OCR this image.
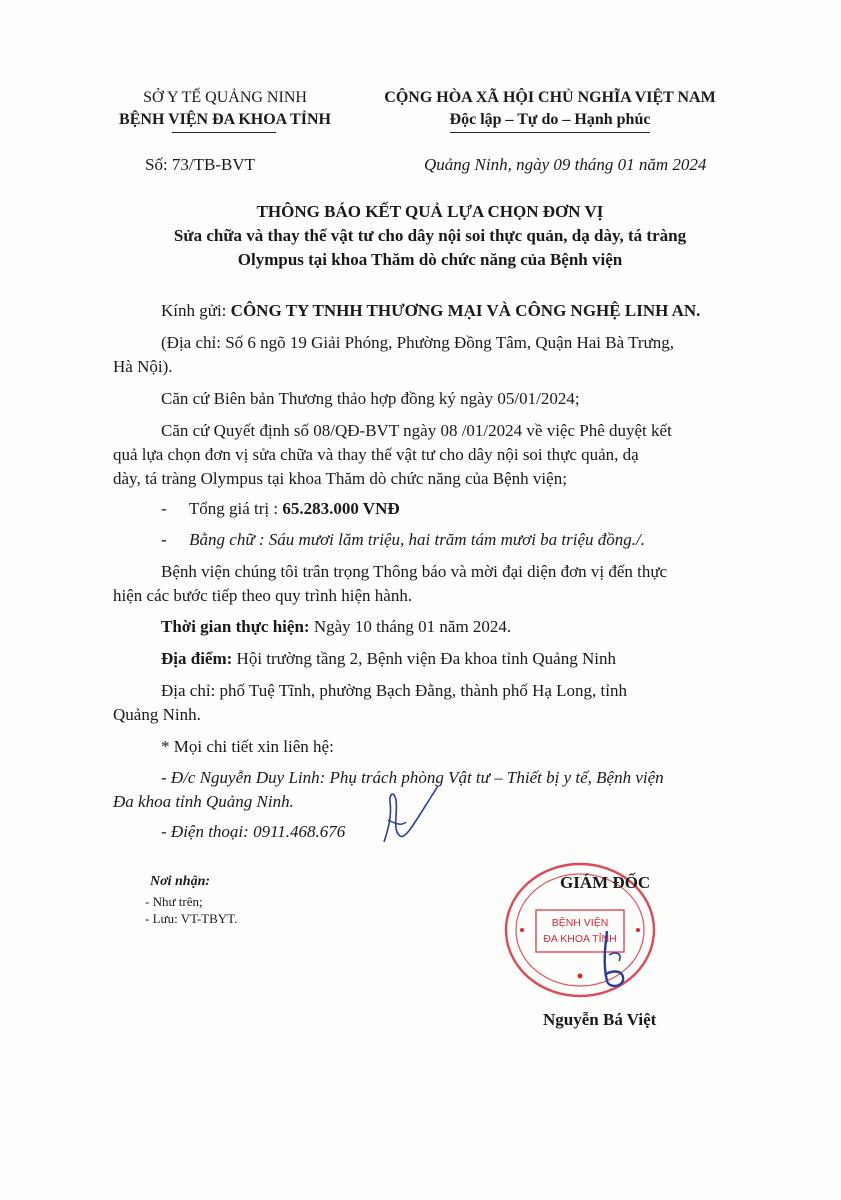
SỞ Y TẾ QUẢNG NINH
BỆNH VIỆN ĐA KHOA TỈNH
CỘNG HÒA XÃ HỘI CHỦ NGHĨA VIỆT NAM
Độc lập – Tự do – Hạnh phúc
Số: 73/TB-BVT	Quảng Ninh, ngày 09 tháng 01 năm 2024
THÔNG BÁO KẾT QUẢ LỰA CHỌN ĐƠN VỊ
Sửa chữa và thay thế vật tư cho dây nội soi thực quản, dạ dày, tá tràng
Olympus tại khoa Thăm dò chức năng của Bệnh viện
Kính gửi: CÔNG TY TNHH THƯƠNG MẠI VÀ CÔNG NGHỆ LINH AN.
(Địa chỉ: Số 6 ngõ 19 Giải Phóng, Phường Đồng Tâm, Quận Hai Bà Trưng,
Hà Nội).
Căn cứ Biên bản Thương thảo hợp đồng ký ngày 05/01/2024;
Căn cứ Quyết định số 08/QĐ-BVT ngày 08 /01/2024 về việc Phê duyệt kết
quả lựa chọn đơn vị sửa chữa và thay thế vật tư cho dây nội soi thực quản, dạ
dày, tá tràng Olympus tại khoa Thăm dò chức năng của Bệnh viện;
- Tổng giá trị : 65.283.000 VNĐ
- Bằng chữ : Sáu mươi lăm triệu, hai trăm tám mươi ba triệu đồng./.
Bệnh viện chúng tôi trân trọng Thông báo và mời đại diện đơn vị đến thực
hiện các bước tiếp theo quy trình hiện hành.
Thời gian thực hiện: Ngày 10 tháng 01 năm 2024.
Địa điểm: Hội trường tầng 2, Bệnh viện Đa khoa tỉnh Quảng Ninh
Địa chỉ: phố Tuệ Tĩnh, phường Bạch Đằng, thành phố Hạ Long, tỉnh
Quảng Ninh.
* Mọi chi tiết xin liên hệ:
- Đ/c Nguyễn Duy Linh: Phụ trách phòng Vật tư – Thiết bị y tế, Bệnh viện
Đa khoa tỉnh Quảng Ninh.
- Điện thoại: 0911.468.676
Nơi nhận:
- Như trên;
- Lưu: VT-TBYT.	BỆNH VIỆN
ĐA KHOA TỈNH
GIÁM ĐỐC
Nguyễn Bá Việt
